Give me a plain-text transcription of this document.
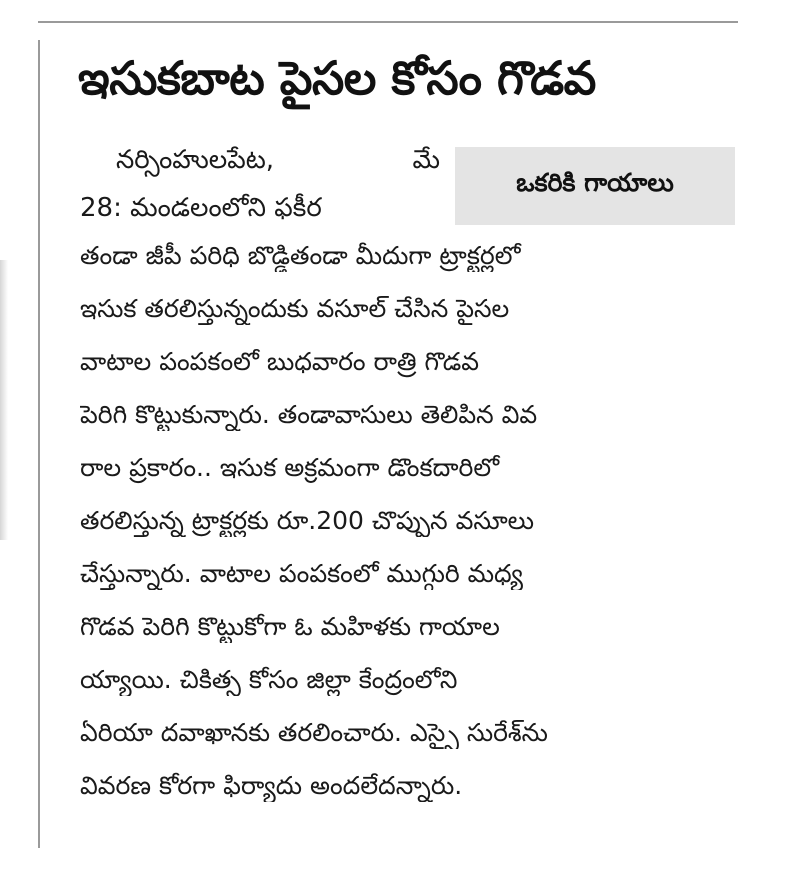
ఇసుకబాట పైసల కోసం గొడవ
ఒకరికి గాయాలు
నర్సింహులపేట,	మే
28: మండలంలోని ఫకీర
తండా జీపీ పరిధి బొడ్డితండా మీదుగా ట్రాక్టర్లలో
ఇసుక తరలిస్తున్నందుకు వసూల్ చేసిన పైసల
వాటాల పంపకంలో బుధవారం రాత్రి గొడవ
పెరిగి కొట్టుకున్నారు. తండావాసులు తెలిపిన వివ
రాల ప్రకారం.. ఇసుక అక్రమంగా డొంకదారిలో
తరలిస్తున్న ట్రాక్టర్లకు రూ.200 చొప్పున వసూలు
చేస్తున్నారు. వాటాల పంపకంలో ముగ్గురి మధ్య
గొడవ పెరిగి కొట్టుకోగా ఓ మహిళకు గాయాల
య్యాయి. చికిత్స కోసం జిల్లా కేంద్రంలోని
ఏరియా దవాఖానకు తరలించారు. ఎస్సై సురేశ్‌ను
వివరణ కోరగా ఫిర్యాదు అందలేదన్నారు.
